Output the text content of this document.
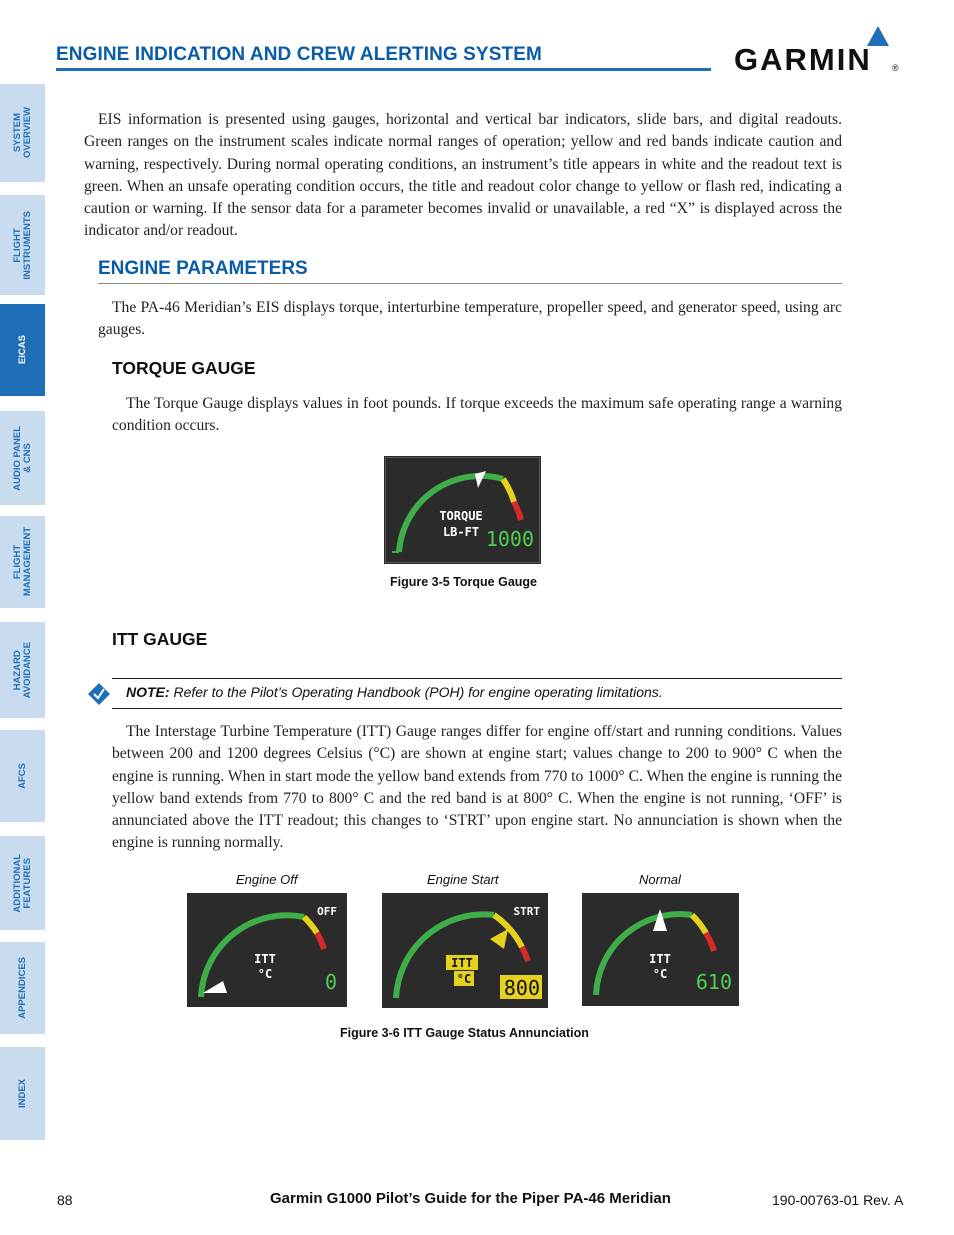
ENGINE INDICATION AND CREW ALERTING SYSTEM	GARMIN ®
SYSTEM
OVERVIEW
FLIGHT
INSTRUMENTS
EICAS
AUDIO PANEL
& CNS
FLIGHT
MANAGEMENT
HAZARD
AVOIDANCE
AFCS
ADDITIONAL
FEATURES
APPENDICES
INDEX

EIS information is presented using gauges, horizontal and vertical bar indicators, slide bars, and digital readouts. Green ranges on the instrument scales indicate normal ranges of operation; yellow and red bands indicate caution and warning, respectively. During normal operating conditions, an instrument’s title appears in white and the readout text is green. When an unsafe operating condition occurs, the title and readout color change to yellow or flash red, indicating a caution or warning. If the sensor data for a parameter becomes invalid or unavailable, a red “X” is displayed across the indicator and/or readout.

ENGINE PARAMETERS

The PA-46 Meridian’s EIS displays torque, interturbine temperature, propeller speed, and generator speed, using arc gauges.

TORQUE GAUGE

The Torque Gauge displays values in foot pounds. If torque exceeds the maximum safe operating range a warning condition occurs.

TORQUE
LB-FT 1000
Figure 3-5 Torque Gauge
ITT GAUGE
NOTE: Refer to the Pilot’s Operating Handbook (POH) for engine operating limitations.

The Interstage Turbine Temperature (ITT) Gauge ranges differ for engine off/start and running conditions. Values between 200 and 1200 degrees Celsius (°C) are shown at engine start; values change to 200 to 900° C when the engine is running. When in start mode the yellow band extends from 770 to 1000° C. When the engine is running the yellow band extends from 770 to 800° C and the red band is at 800° C. When the engine is not running, ‘OFF’ is annunciated above the ITT readout; this changes to ‘STRT’ upon engine start. No annunciation is shown when the engine is running normally.

Engine Off	Engine Start	Normal
OFF
ITT
°C	0
STRT
ITT
°C 800
ITT
°C 610
Figure 3-6 ITT Gauge Status Annunciation
88	Garmin G1000 Pilot’s Guide for the Piper PA-46 Meridian	190-00763-01 Rev. A
